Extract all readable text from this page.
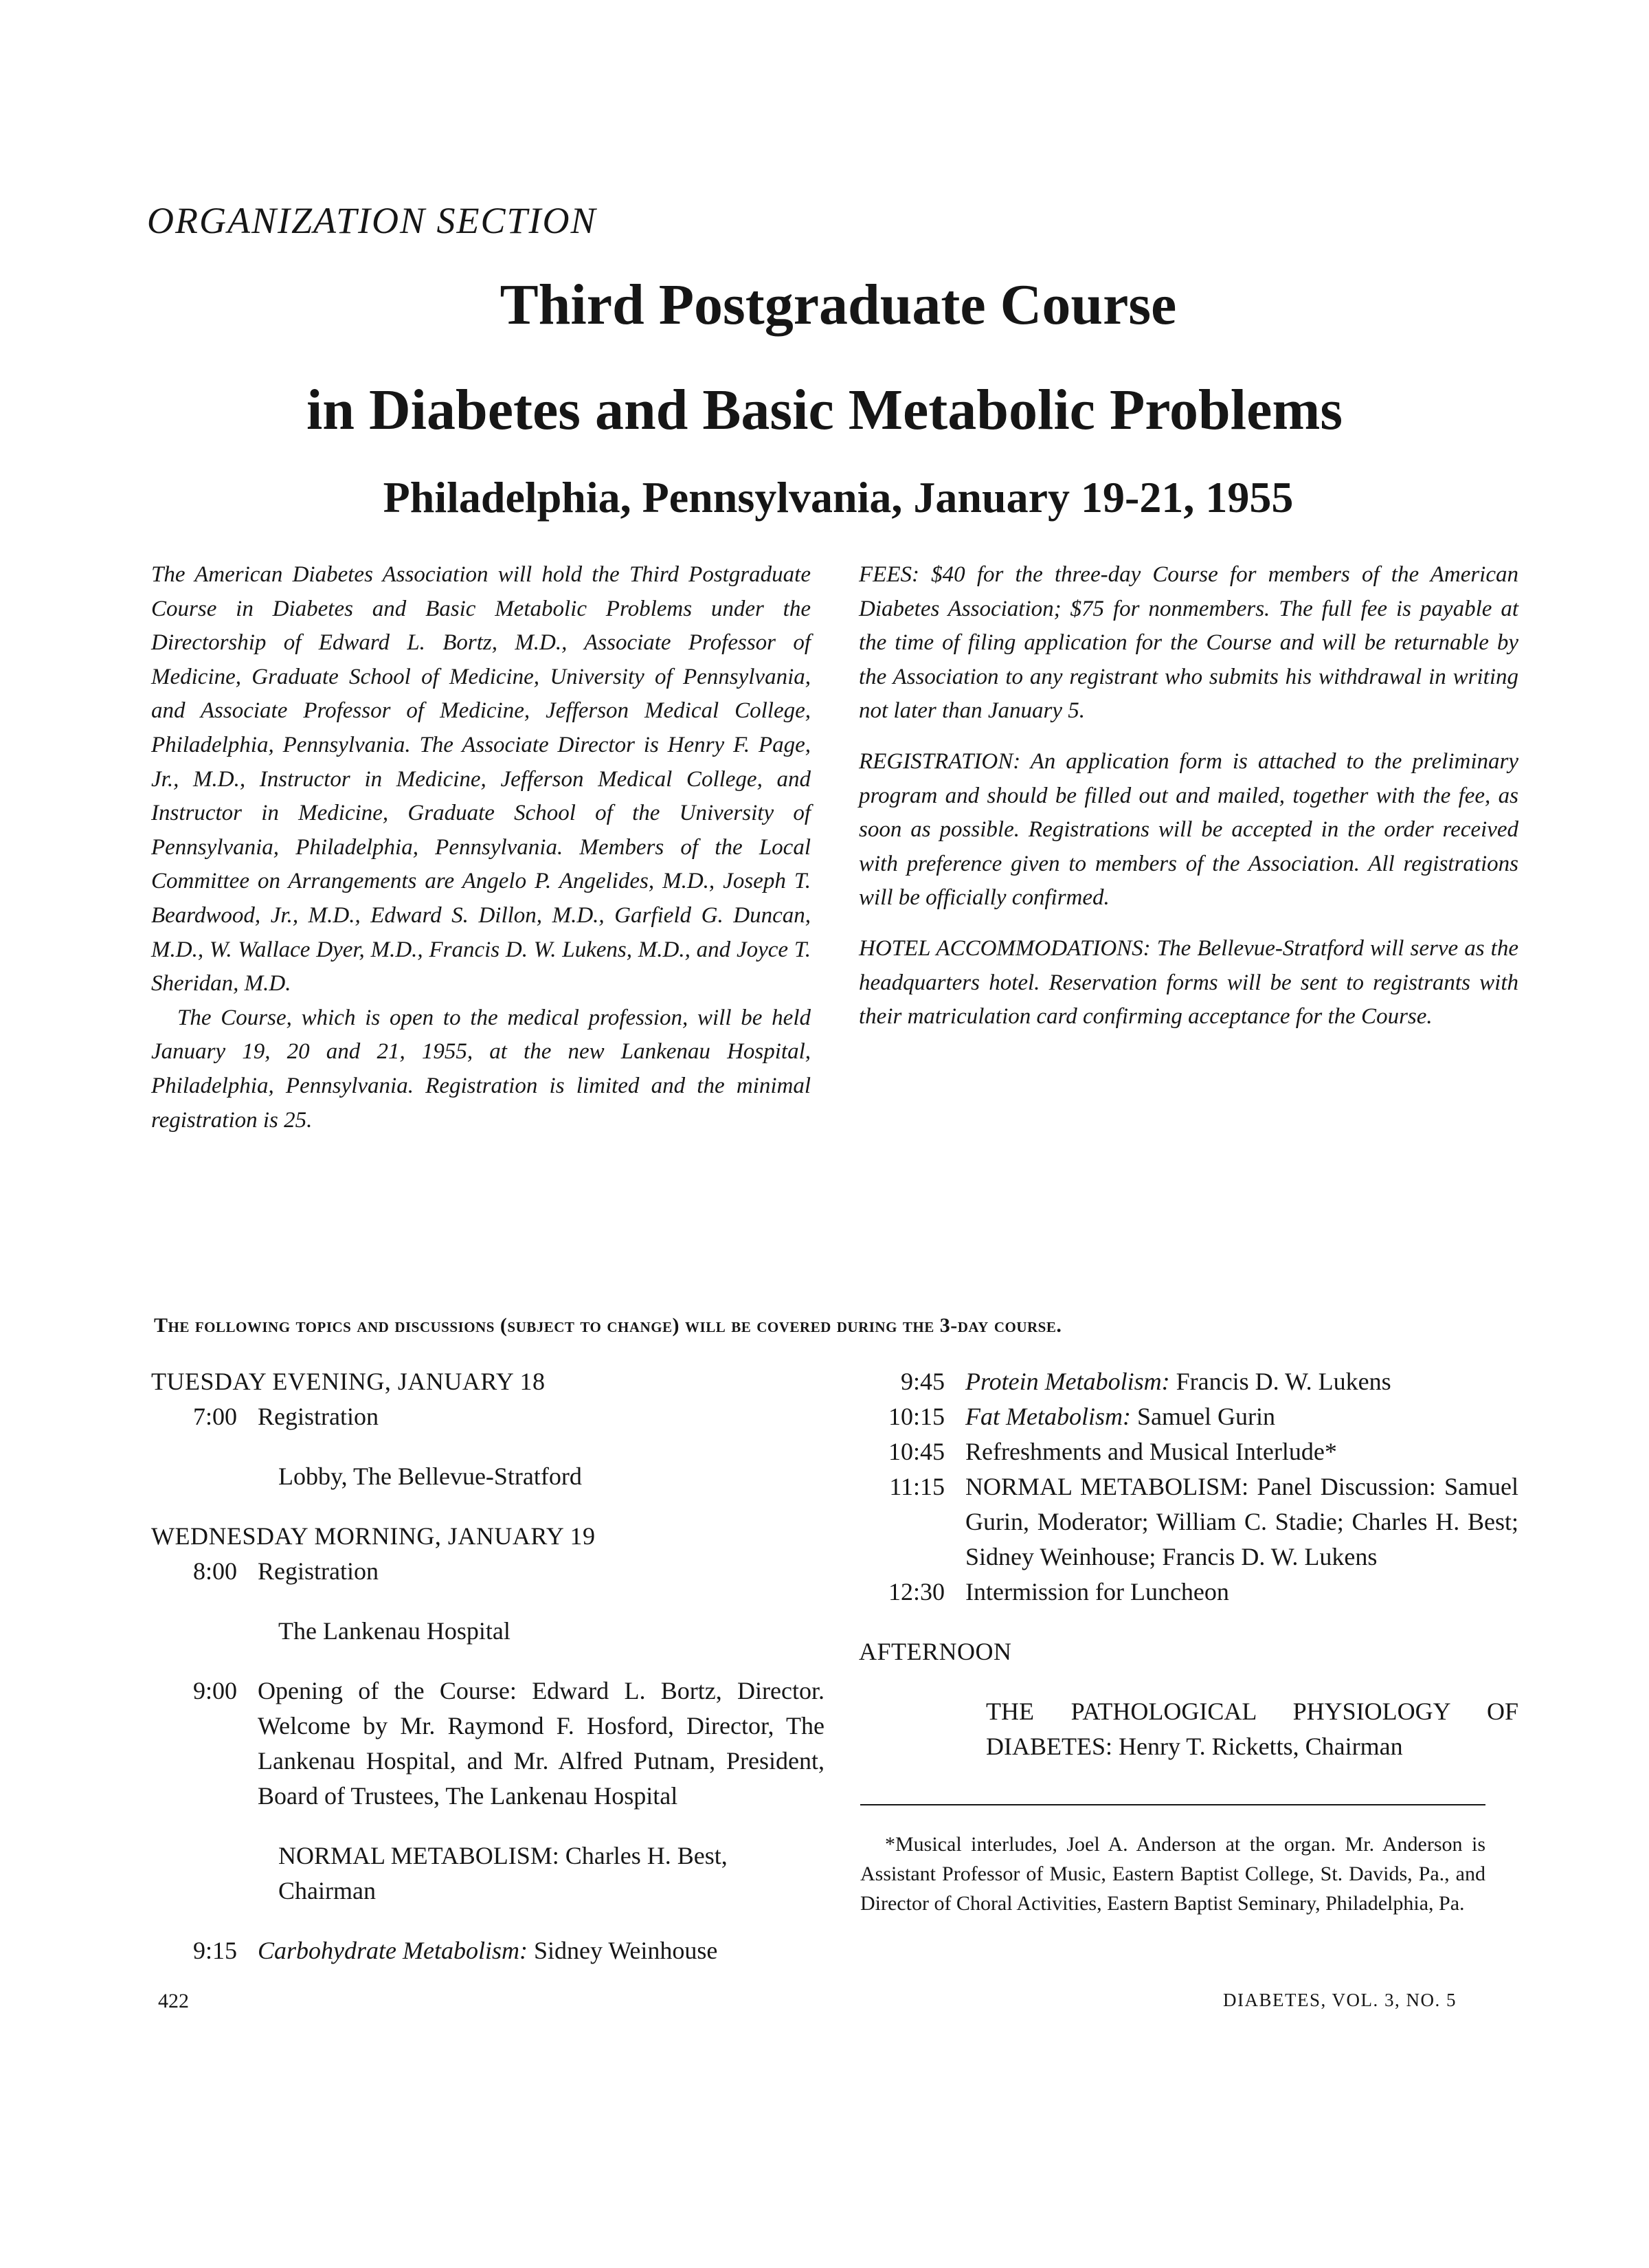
ORGANIZATION SECTION
Third Postgraduate Course
in Diabetes and Basic Metabolic Problems
Philadelphia, Pennsylvania, January 19-21, 1955

The American Diabetes Association will hold the Third Postgraduate Course in Diabetes and Basic Metabolic Problems under the Directorship of Edward L. Bortz, M.D., Associate Professor of Medicine, Graduate School of Medicine, University of Pennsylvania, and Associate Professor of Medicine, Jefferson Medical College, Philadelphia, Pennsylvania. The Associate Director is Henry F. Page, Jr., M.D., Instructor in Medicine, Jefferson Medical College, and Instructor in Medicine, Graduate School of the University of Pennsylvania, Philadelphia, Pennsylvania. Members of the Local Committee on Arrangements are Angelo P. Angelides, M.D., Joseph T. Beardwood, Jr., M.D., Edward S. Dillon, M.D., Garfield G. Duncan, M.D., W. Wallace Dyer, M.D., Francis D. W. Lukens, M.D., and Joyce T. Sheridan, M.D.

The Course, which is open to the medical profession, will be held January 19, 20 and 21, 1955, at the new Lankenau Hospital, Philadelphia, Pennsylvania. Registration is limited and the minimal registration is 25.

FEES: $40 for the three-day Course for members of the American Diabetes Association; $75 for nonmembers. The full fee is payable at the time of filing application for the Course and will be returnable by the Association to any registrant who submits his withdrawal in writing not later than January 5.

REGISTRATION: An application form is attached to the preliminary program and should be filled out and mailed, together with the fee, as soon as possible. Registrations will be accepted in the order received with preference given to members of the Association. All registrations will be officially confirmed.

HOTEL ACCOMMODATIONS: The Bellevue-Stratford will serve as the headquarters hotel. Reservation forms will be sent to registrants with their matriculation card confirming acceptance for the Course.

The following topics and discussions (subject to change) will be covered during the 3-day course.

TUESDAY EVENING, JANUARY 18

7:00 Registration

Lobby, The Bellevue-Stratford

WEDNESDAY MORNING, JANUARY 19

8:00 Registration

The Lankenau Hospital

9:00 Opening of the Course: Edward L. Bortz, Director. Welcome by Mr. Raymond F. Hosford, Director, The Lankenau Hospital, and Mr. Alfred Putnam, President, Board of Trustees, The Lankenau Hospital

NORMAL METABOLISM: Charles H. Best, Chairman

9:15 Carbohydrate Metabolism: Sidney Weinhouse
9:45 Protein Metabolism: Francis D. W. Lukens
10:15 Fat Metabolism: Samuel Gurin
10:45 Refreshments and Musical Interlude*
11:15 NORMAL METABOLISM: Panel Discussion: Samuel Gurin, Moderator; William C. Stadie; Charles H. Best; Sidney Weinhouse; Francis D. W. Lukens
12:30 Intermission for Luncheon

AFTERNOON

THE PATHOLOGICAL PHYSIOLOGY OF DIABETES: Henry T. Ricketts, Chairman

*Musical interludes, Joel A. Anderson at the organ. Mr. Anderson is Assistant Professor of Music, Eastern Baptist College, St. Davids, Pa., and Director of Choral Activities, Eastern Baptist Seminary, Philadelphia, Pa.

422	DIABETES, VOL. 3, NO. 5
